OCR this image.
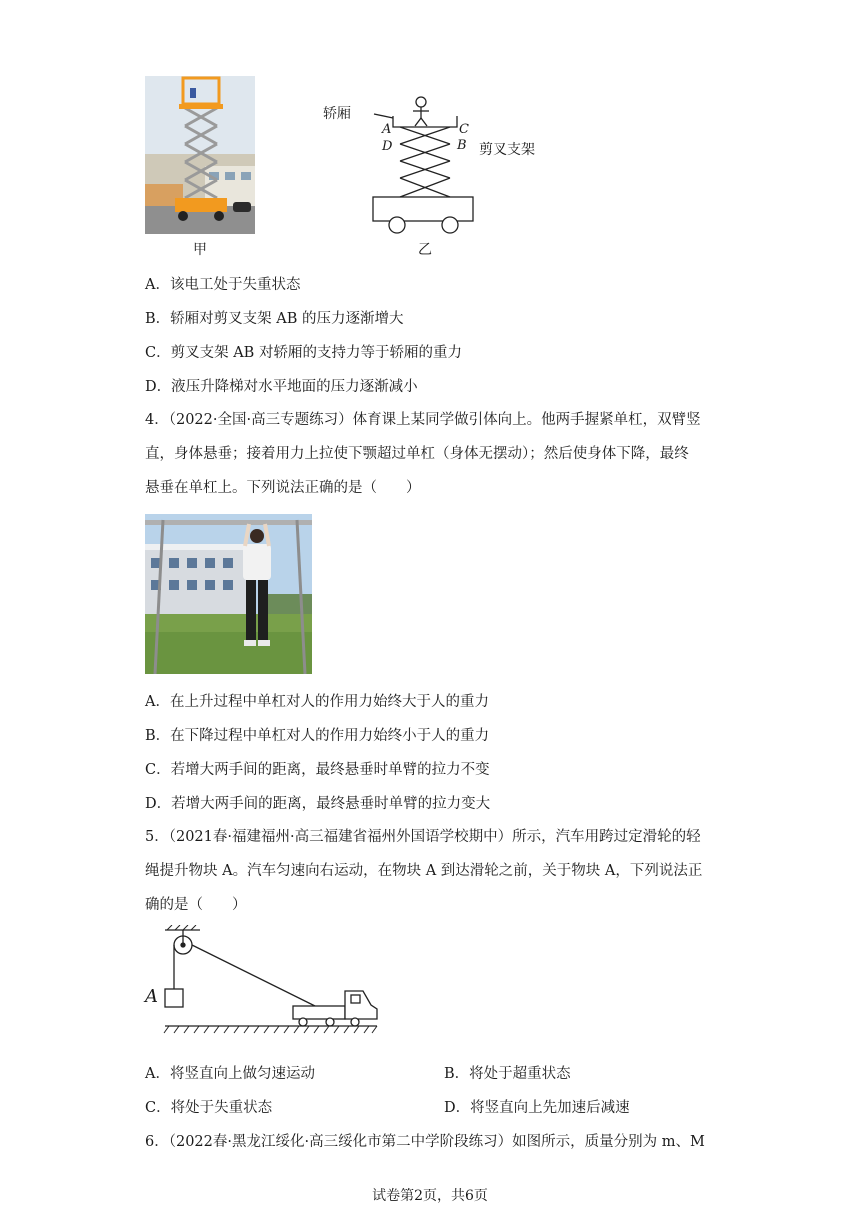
甲
轿厢
A	C
D	B 剪叉支架
乙
A．该电工处于失重状态
B．轿厢对剪叉支架 AB 的压力逐渐增大
C．剪叉支架 AB 对轿厢的支持力等于轿厢的重力
D．液压升降梯对水平地面的压力逐渐减小
4．（2022·全国·高三专题练习）体育课上某同学做引体向上。他两手握紧单杠，双臂竖
直，身体悬垂；接着用力上拉使下颚超过单杠（身体无摆动）；然后使身体下降，最终
悬垂在单杠上。下列说法正确的是（　　）
A．在上升过程中单杠对人的作用力始终大于人的重力
B．在下降过程中单杠对人的作用力始终小于人的重力
C．若增大两手间的距离，最终悬垂时单臂的拉力不变
D．若增大两手间的距离，最终悬垂时单臂的拉力变大
5．（2021春·福建福州·高三福建省福州外国语学校期中）所示，汽车用跨过定滑轮的轻
绳提升物块 A。汽车匀速向右运动，在物块 A 到达滑轮之前，关于物块 A，下列说法正
确的是（　　）
A
A．将竖直向上做匀速运动	B．将处于超重状态
C．将处于失重状态	D．将竖直向上先加速后减速
6．（2022春·黑龙江绥化·高三绥化市第二中学阶段练习）如图所示，质量分别为 m、M
试卷第2页，共6页
